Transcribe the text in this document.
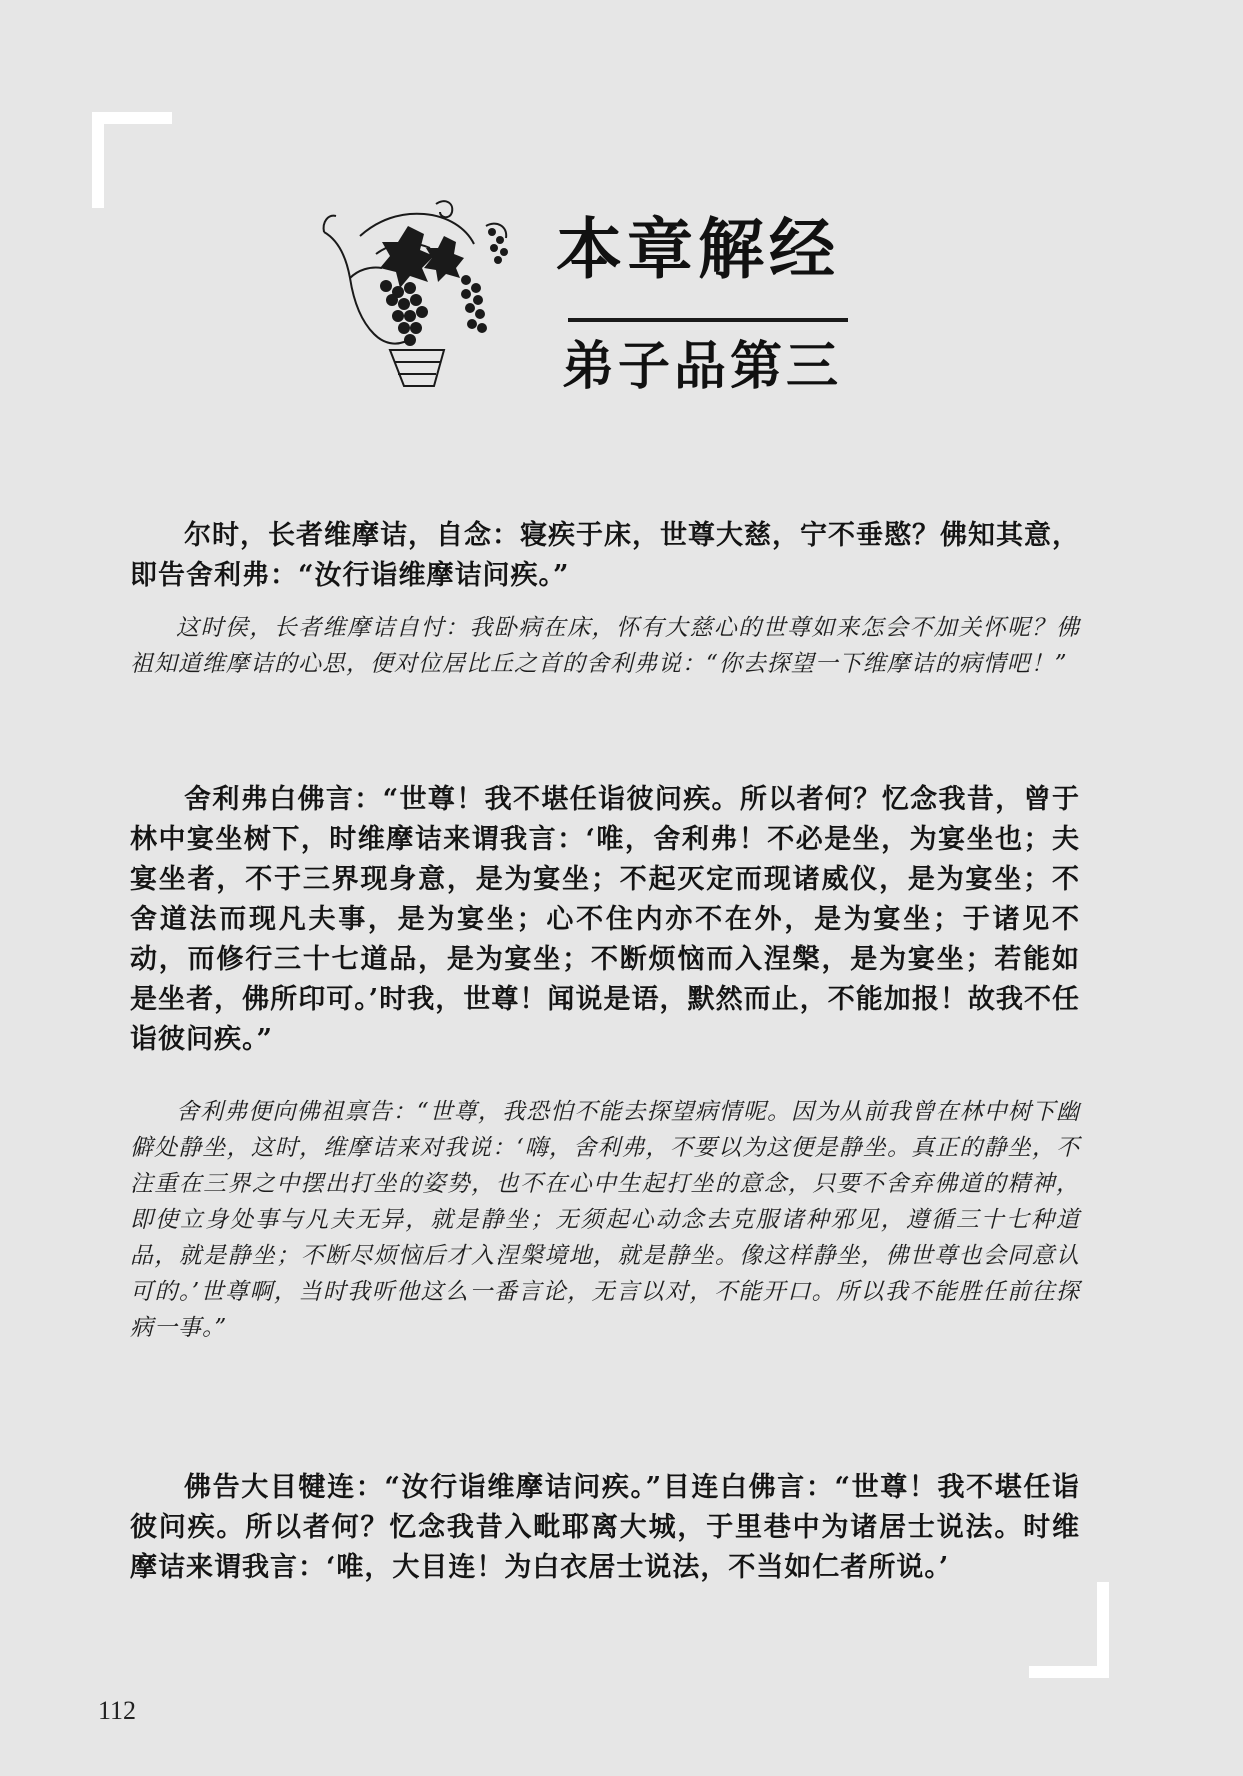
本章解经
弟子品第三

尔时，长者维摩诘，自念：寝疾于床，世尊大慈，宁不垂愍？佛知其意，即告舍利弗：“汝行诣维摩诘问疾。”

这时侯，长者维摩诘自忖：我卧病在床，怀有大慈心的世尊如来怎会不加关怀呢？佛祖知道维摩诘的心思，便对位居比丘之首的舍利弗说：“你去探望一下维摩诘的病情吧！”

舍利弗白佛言：“世尊！我不堪任诣彼问疾。所以者何？忆念我昔，曾于林中宴坐树下，时维摩诘来谓我言：‘唯，舍利弗！不必是坐，为宴坐也；夫宴坐者，不于三界现身意，是为宴坐；不起灭定而现诸威仪，是为宴坐；不舍道法而现凡夫事，是为宴坐；心不住内亦不在外，是为宴坐；于诸见不动，而修行三十七道品，是为宴坐；不断烦恼而入涅槃，是为宴坐；若能如是坐者，佛所印可。’时我，世尊！闻说是语，默然而止，不能加报！故我不任诣彼问疾。”

舍利弗便向佛祖禀告：“世尊，我恐怕不能去探望病情呢。因为从前我曾在林中树下幽僻处静坐，这时，维摩诘来对我说：‘嗨，舍利弗，不要以为这便是静坐。真正的静坐，不注重在三界之中摆出打坐的姿势，也不在心中生起打坐的意念，只要不舍弃佛道的精神，即使立身处事与凡夫无异，就是静坐；无须起心动念去克服诸种邪见，遵循三十七种道品，就是静坐；不断尽烦恼后才入涅槃境地，就是静坐。像这样静坐，佛世尊也会同意认可的。’世尊啊，当时我听他这么一番言论，无言以对，不能开口。所以我不能胜任前往探病一事。”

佛告大目犍连：“汝行诣维摩诘问疾。”目连白佛言：“世尊！我不堪任诣彼问疾。所以者何？忆念我昔入毗耶离大城，于里巷中为诸居士说法。时维摩诘来谓我言：‘唯，大目连！为白衣居士说法，不当如仁者所说。’

112
